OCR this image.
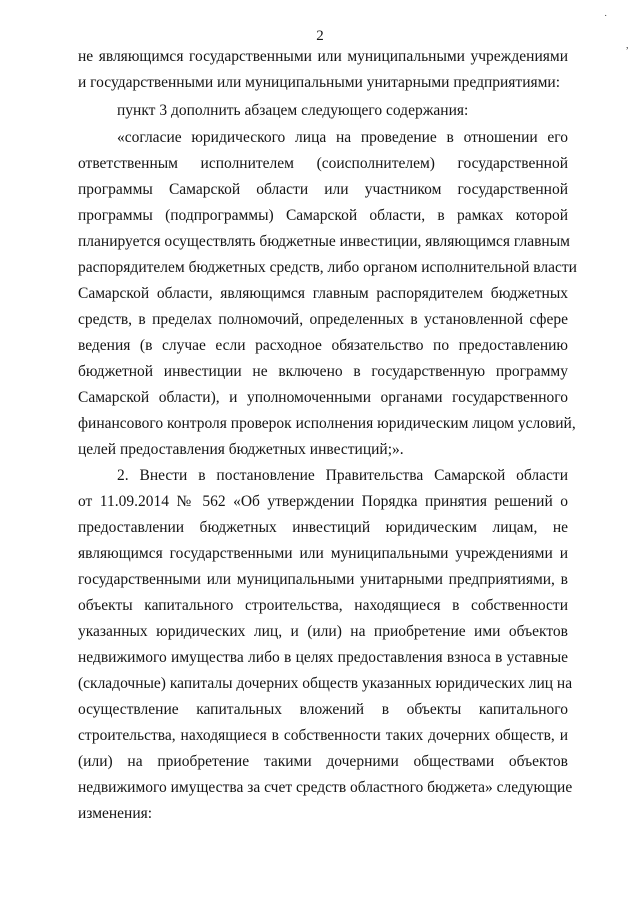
2
не являющимся государственными или муниципальными учреждениями
и государственными или муниципальными унитарными предприятиями:
пункт 3 дополнить абзацем следующего содержания:
«согласие юридического лица на проведение в отношении его
ответственным исполнителем (соисполнителем) государственной
программы Самарской области или участником государственной
программы (подпрограммы) Самарской области, в рамках которой
планируется осуществлять бюджетные инвестиции, являющимся главным
распорядителем бюджетных средств, либо органом исполнительной власти
Самарской области, являющимся главным распорядителем бюджетных
средств, в пределах полномочий, определенных в установленной сфере
ведения (в случае если расходное обязательство по предоставлению
бюджетной инвестиции не включено в государственную программу
Самарской области), и уполномоченными органами государственного
финансового контроля проверок исполнения юридическим лицом условий,
целей предоставления бюджетных инвестиций;».
2. Внести в постановление Правительства Самарской области
от 11.09.2014 № 562 «Об утверждении Порядка принятия решений о
предоставлении бюджетных инвестиций юридическим лицам, не
являющимся государственными или муниципальными учреждениями и
государственными или муниципальными унитарными предприятиями, в
объекты капитального строительства, находящиеся в собственности
указанных юридических лиц, и (или) на приобретение ими объектов
недвижимого имущества либо в целях предоставления взноса в уставные
(складочные) капиталы дочерних обществ указанных юридических лиц на
осуществление капитальных вложений в объекты капитального
строительства, находящиеся в собственности таких дочерних обществ, и
(или) на приобретение такими дочерними обществами объектов
недвижимого имущества за счет средств областного бюджета» следующие
изменения:
˙
,
